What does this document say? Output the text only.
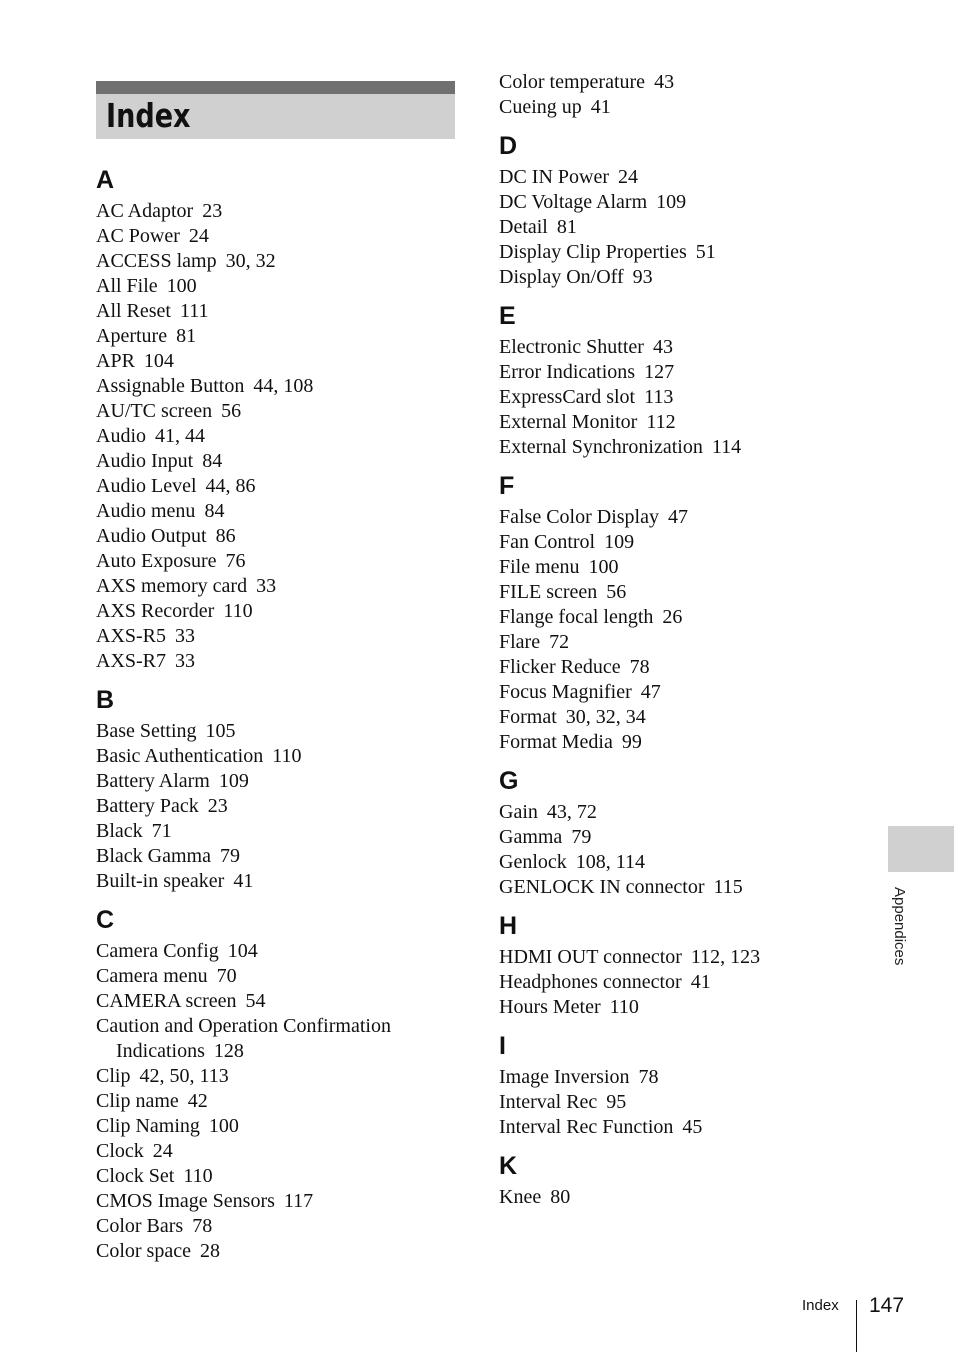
Index
A
AC Adaptor 23
AC Power 24
ACCESS lamp 30, 32
All File 100
All Reset 111
Aperture 81
APR 104
Assignable Button 44, 108
AU/TC screen 56
Audio 41, 44
Audio Input 84
Audio Level 44, 86
Audio menu 84
Audio Output 86
Auto Exposure 76
AXS memory card 33
AXS Recorder 110
AXS-R5 33
AXS-R7 33
B
Base Setting 105
Basic Authentication 110
Battery Alarm 109
Battery Pack 23
Black 71
Black Gamma 79
Built-in speaker 41
C
Camera Config 104
Camera menu 70
CAMERA screen 54
Caution and Operation Confirmation
Indications 128
Clip 42, 50, 113
Clip name 42
Clip Naming 100
Clock 24
Clock Set 110
CMOS Image Sensors 117
Color Bars 78
Color space 28
Color temperature 43
Cueing up 41
D
DC IN Power 24
DC Voltage Alarm 109
Detail 81
Display Clip Properties 51
Display On/Off 93
E
Electronic Shutter 43
Error Indications 127
ExpressCard slot 113
External Monitor 112
External Synchronization 114
F
False Color Display 47
Fan Control 109
File menu 100
FILE screen 56
Flange focal length 26
Flare 72
Flicker Reduce 78
Focus Magnifier 47
Format 30, 32, 34
Format Media 99
G
Gain 43, 72
Gamma 79
Genlock 108, 114
GENLOCK IN connector 115
H
HDMI OUT connector 112, 123
Headphones connector 41
Hours Meter 110
I
Image Inversion 78
Interval Rec 95
Interval Rec Function 45
K
Knee 80
Appendices
Index 147
